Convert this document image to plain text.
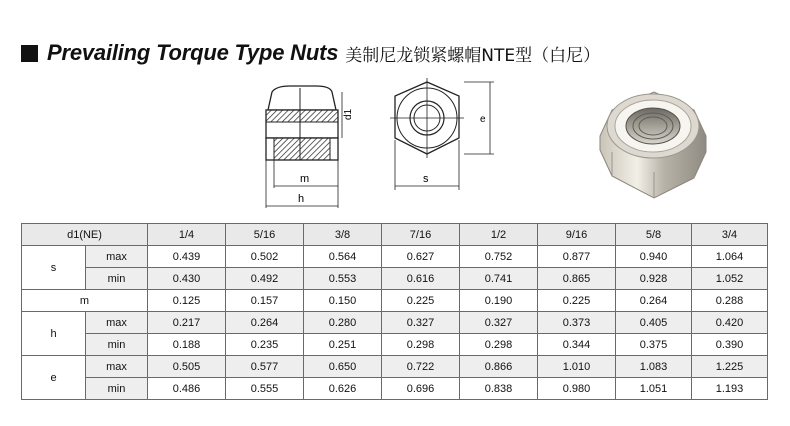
Prevailing Torque Type Nuts 美制尼龙锁紧螺帽NTE型（白尼）
d1
m
h
e
s
d1(NE)		1/4	5/16	3/8	7/16	1/2	9/16	5/8	3/4
s	max	0.439	0.502	0.564	0.627	0.752	0.877	0.940	1.064
	min	0.430	0.492	0.553	0.616	0.741	0.865	0.928	1.052
m		0.125	0.157	0.150	0.225	0.190	0.225	0.264	0.288
h	max	0.217	0.264	0.280	0.327	0.327	0.373	0.405	0.420
	min	0.188	0.235	0.251	0.298	0.298	0.344	0.375	0.390
e	max	0.505	0.577	0.650	0.722	0.866	1.010	1.083	1.225
	min	0.486	0.555	0.626	0.696	0.838	0.980	1.051	1.193
